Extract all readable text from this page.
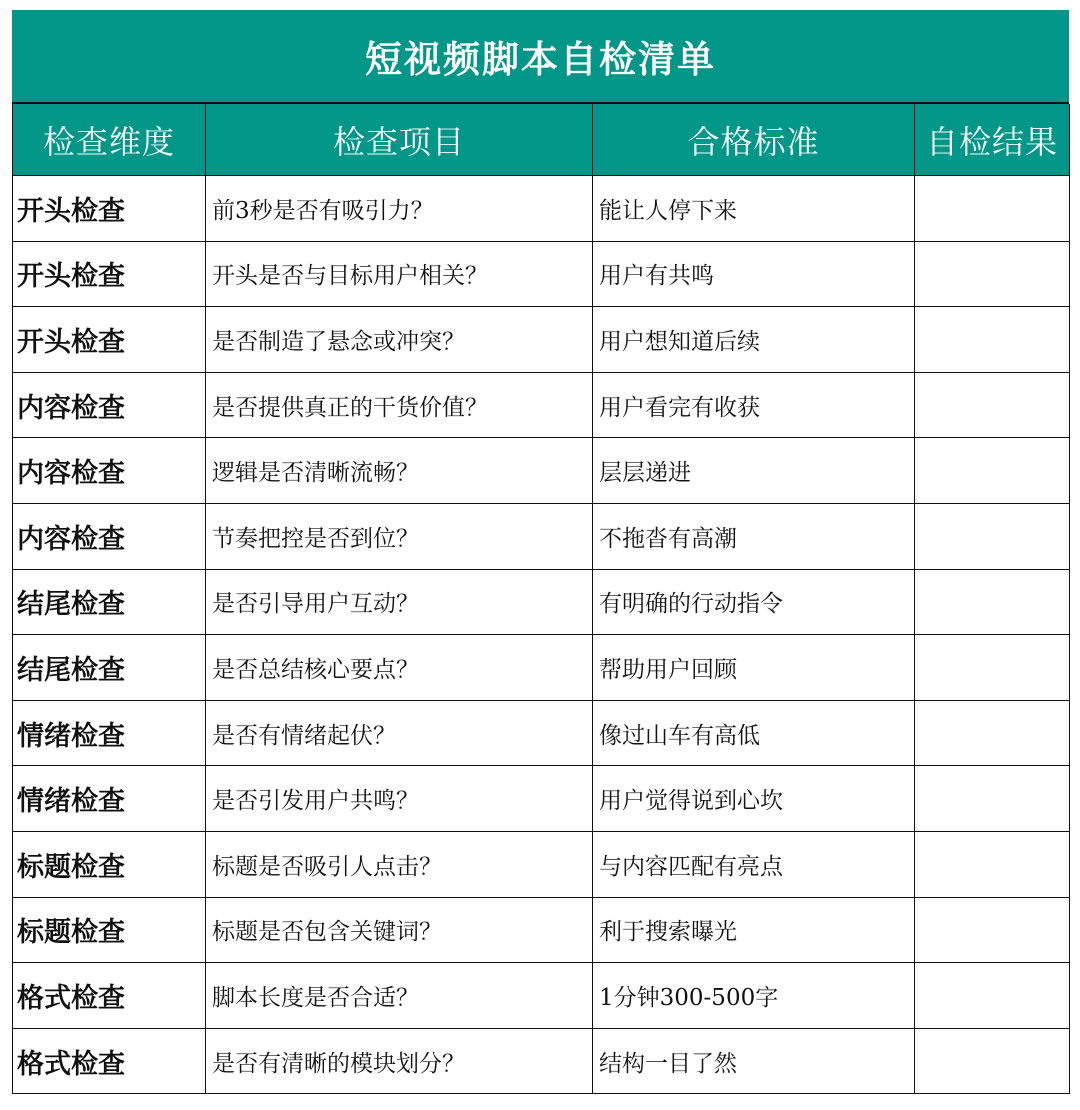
短视频脚本自检清单
检查维度	检查项目	合格标准	自检结果
开头检查	前3秒是否有吸引力？	能让人停下来	
开头检查	开头是否与目标用户相关？	用户有共鸣	
开头检查	是否制造了悬念或冲突？	用户想知道后续	
内容检查	是否提供真正的干货价值？	用户看完有收获	
内容检查	逻辑是否清晰流畅？	层层递进	
内容检查	节奏把控是否到位？	不拖沓有高潮	
结尾检查	是否引导用户互动？	有明确的行动指令	
结尾检查	是否总结核心要点？	帮助用户回顾	
情绪检查	是否有情绪起伏？	像过山车有高低	
情绪检查	是否引发用户共鸣？	用户觉得说到心坎	
标题检查	标题是否吸引人点击？	与内容匹配有亮点	
标题检查	标题是否包含关键词？	利于搜索曝光	
格式检查	脚本长度是否合适？	1分钟300-500字	
格式检查	是否有清晰的模块划分？	结构一目了然	
